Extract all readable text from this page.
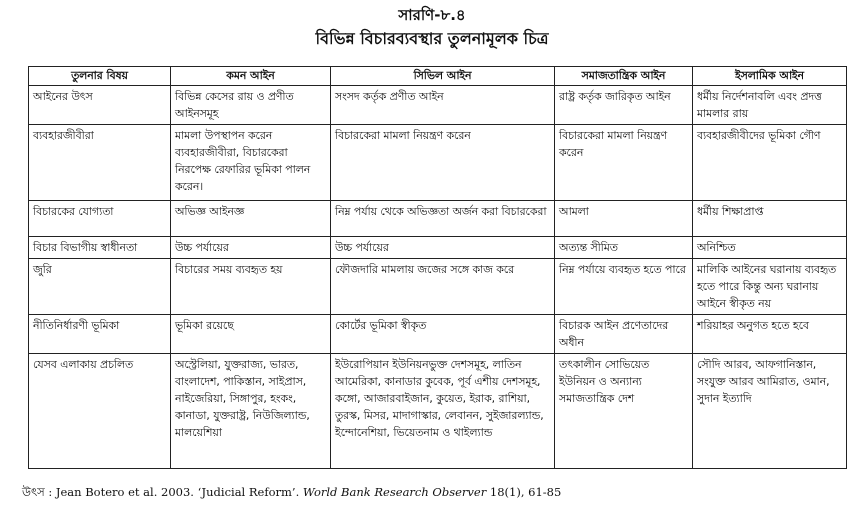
সারণি-৮.৪
বিভিন্ন বিচারব্যবস্থার তুলনামূলক চিত্র
তুলনার বিষয়	কমন আইন	সিভিল আইন	সমাজতান্ত্রিক আইন	ইসলামিক আইন
আইনের উৎস	বিভিন্ন কেসের রায় ও প্রণীত আইনসমূহ	সংসদ কর্তৃক প্রণীত আইন	রাষ্ট্র কর্তৃক জারিকৃত আইন	ধর্মীয় নির্দেশনাবলি এবং প্রদত্ত মামলার রায়
ব্যবহারজীবীরা	মামলা উপস্থাপন করেন ব্যবহারজীবীরা, বিচারকেরা নিরপেক্ষ রেফারির ভূমিকা পালন করেন।	বিচারকেরা মামলা নিয়ন্ত্রণ করেন	বিচারকেরা মামলা নিয়ন্ত্রণ করেন	ব্যবহারজীবীদের ভূমিকা গৌণ
বিচারকের যোগ্যতা	অভিজ্ঞ আইনজ্ঞ	নিম্ন পর্যায় থেকে অভিজ্ঞতা অর্জন করা বিচারকেরা	আমলা	ধর্মীয় শিক্ষাপ্রাপ্ত
বিচার বিভাগীয় স্বাধীনতা	উচ্চ পর্যায়ের	উচ্চ পর্যায়ের	অত্যন্ত সীমিত	অনিশ্চিত
জুরি	বিচারের সময় ব্যবহৃত হয়	ফৌজদারি মামলায় জজের সঙ্গে কাজ করে	নিম্ন পর্যায়ে ব্যবহৃত হতে পারে	মালিকি আইনের ঘরানায় ব্যবহৃত হতে পারে কিন্তু অন্য ঘরানায় আইনে স্বীকৃত নয়
নীতিনির্ধারণী ভূমিকা	ভূমিকা রয়েছে	কোর্টের ভূমিকা স্বীকৃত	বিচারক আইন প্রণেতাদের অধীন	শরিয়াহর অনুগত হতে হবে
যেসব এলাকায় প্রচলিত	অস্ট্রেলিয়া, যুক্তরাজ্য, ভারত, বাংলাদেশ, পাকিস্তান, সাইপ্রাস, নাইজেরিয়া, সিঙ্গাপুর, হংকং, কানাডা, যুক্তরাষ্ট্র, নিউজিল্যান্ড, মালয়েশিয়া	ইউরোপিয়ান ইউনিয়নভুক্ত দেশসমূহ, লাতিন আমেরিকা, কানাডার কুবেক, পূর্ব এশীয় দেশসমূহ, কঙ্গো, আজারবাইজান, কুয়েত, ইরাক, রাশিয়া, তুরস্ক, মিসর, মাদাগাস্কার, লেবানন, সুইজারল্যান্ড, ইন্দোনেশিয়া, ভিয়েতনাম ও থাইল্যান্ড	তৎকালীন সোভিয়েত ইউনিয়ন ও অন্যান্য সমাজতান্ত্রিক দেশ	সৌদি আরব, আফগানিস্তান, সংযুক্ত আরব আমিরাত, ওমান, সুদান ইত্যাদি
উৎস : Jean Botero et al. 2003. ‘Judicial Reform’. World Bank Research Observer 18(1), 61-85
